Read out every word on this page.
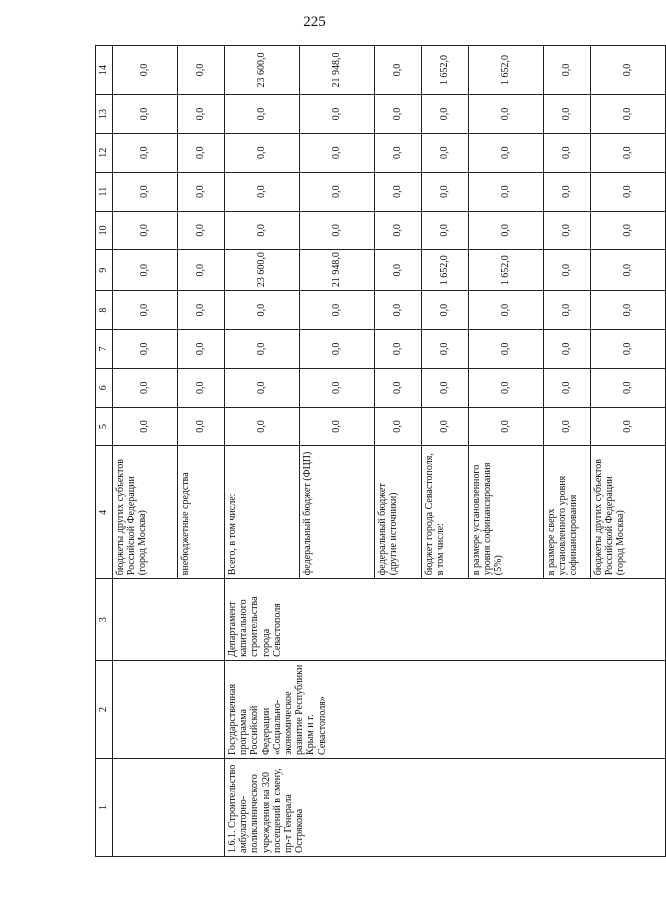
225
1	2	3	4	5	6	7	8	9	10	11	12	13	14
			бюджеты других субъектов Российской Федерации (город Москва)	0,0	0,0	0,0	0,0	0,0	0,0	0,0	0,0	0,0	0,0
			внебюджетные средства	0,0	0,0	0,0	0,0	0,0	0,0	0,0	0,0	0,0	0,0
1.6.1. Строительство амбулаторно-поликлинического учреждения на 320 посещений в смену, пр-т Генерала Острякова	Государственная программа Российской Федерации «Социально-экономическое развитие Республики Крым и г. Севастополя»	Департамент капитального строительства города Севастополя	Всего, в том числе:	0,0	0,0	0,0	0,0	23 600,0	0,0	0,0	0,0	0,0	23 600,0
			федеральный бюджет (ФЦП)	0,0	0,0	0,0	0,0	21 948,0	0,0	0,0	0,0	0,0	21 948,0
			федеральный бюджет (другие источники)	0,0	0,0	0,0	0,0	0,0	0,0	0,0	0,0	0,0	0,0
			бюджет города Севастополя, в том числе:	0,0	0,0	0,0	0,0	1 652,0	0,0	0,0	0,0	0,0	1 652,0
			в размере установленного уровня софинансирования (5%)	0,0	0,0	0,0	0,0	1 652,0	0,0	0,0	0,0	0,0	1 652,0
			в размере сверх установленного уровня софинансирования	0,0	0,0	0,0	0,0	0,0	0,0	0,0	0,0	0,0	0,0
			бюджеты других субъектов Российской Федерации (город Москва)	0,0	0,0	0,0	0,0	0,0	0,0	0,0	0,0	0,0	0,0
